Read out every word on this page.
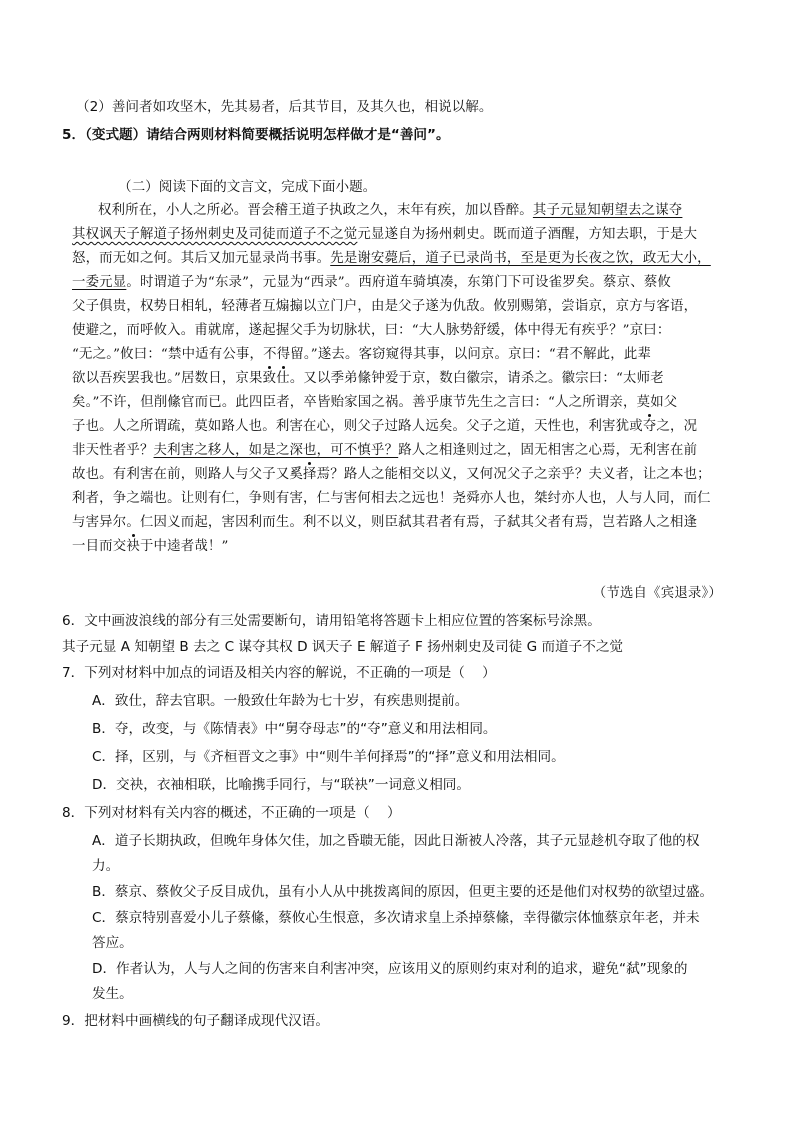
（2）善问者如攻坚木，先其易者，后其节目，及其久也，相说以解。
5．（变式题）请结合两则材料简要概括说明怎样做才是“善问”。
（二）阅读下面的文言文，完成下面小题。
权利所在，小人之所必。晋会稽王道子执政之久，末年有疾，加以昏醉。其子元显知朝望去之谋夺
其权讽天子解道子扬州刺史及司徒而道子不之觉元显遂自为扬州刺史。既而道子酒醒，方知去职，于是大
怒，而无如之何。其后又加元显录尚书事。先是谢安薨后，道子已录尚书，至是更为长夜之饮，政无大小，
一委元显。时谓道子为“东录”，元显为“西录”。西府道车骑填凑，东第门下可设雀罗矣。蔡京、蔡攸
父子俱贵，权势日相轧，轻薄者互煽搧以立门户，由是父子遂为仇敌。攸别赐第，尝诣京，京方与客语，
使避之，而呼攸入。甫就席，遂起握父手为切脉状，曰：“大人脉势舒缓，体中得无有疾乎？”京曰：
“无之。”攸曰：“禁中适有公事，不得留。”遂去。客窃窥得其事，以问京。京曰：“君不解此，此辈
欲以吾疾罢我也。”居数日，京果致仕。又以季弟絛钟爱于京，数白徽宗，请杀之。徽宗曰：“太师老
矣。”不许，但削絛官而已。此四臣者，卒皆贻家国之祸。善乎康节先生之言曰：“人之所谓亲，莫如父
子也。人之所谓疏，莫如路人也。利害在心，则父子过路人远矣。父子之道，天性也，利害犹或夺之，况
非天性者乎？夫利害之移人，如是之深也，可不慎乎？路人之相逢则过之，固无相害之心焉，无利害在前
故也。有利害在前，则路人与父子又奚择焉？路人之能相交以义，又何况父子之亲乎？夫义者，让之本也；
利者，争之端也。让则有仁，争则有害，仁与害何相去之远也！尧舜亦人也，桀纣亦人也，人与人同，而仁
与害异尔。仁因义而起，害因利而生。利不以义，则臣弑其君者有焉，子弑其父者有焉，岂若路人之相逢
一目而交袂于中逵者哉！”
（节选自《宾退录》）
6．文中画波浪线的部分有三处需要断句，请用铅笔将答题卡上相应位置的答案标号涂黑。
其子元显 A 知朝望 B 去之 C 谋夺其权 D 讽天子 E 解道子 F 扬州刺史及司徒 G 而道子不之觉
7．下列对材料中加点的词语及相关内容的解说，不正确的一项是（    ）
A．致仕，辞去官职。一般致仕年龄为七十岁，有疾患则提前。
B．夺，改变，与《陈情表》中“舅夺母志”的“夺”意义和用法相同。
C．择，区别，与《齐桓晋文之事》中“则牛羊何择焉”的“择”意义和用法相同。
D．交袂，衣袖相联，比喻携手同行，与“联袂”一词意义相同。
8．下列对材料有关内容的概述，不正确的一项是（    ）
A．道子长期执政，但晚年身体欠佳，加之昏聩无能，因此日渐被人冷落，其子元显趁机夺取了他的权
力。
B．蔡京、蔡攸父子反目成仇，虽有小人从中挑拨离间的原因，但更主要的还是他们对权势的欲望过盛。
C．蔡京特别喜爱小儿子蔡絛，蔡攸心生恨意，多次请求皇上杀掉蔡絛，幸得徽宗体恤蔡京年老，并未
答应。
D．作者认为，人与人之间的伤害来自利害冲突，应该用义的原则约束对利的追求，避免“弑”现象的
发生。
9．把材料中画横线的句子翻译成现代汉语。
